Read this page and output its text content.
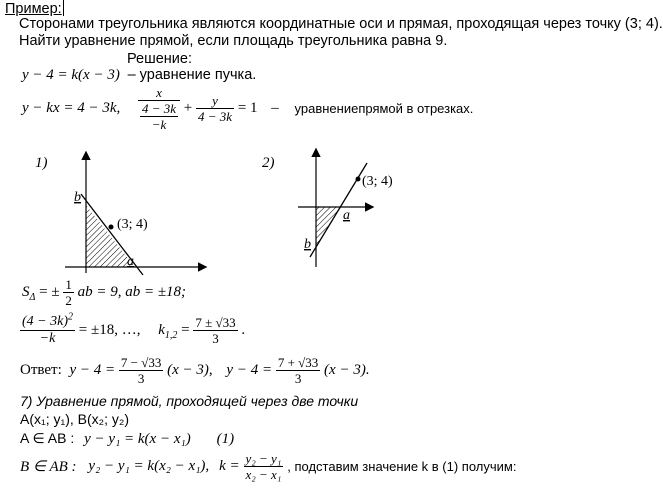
Пример:
Сторонами треугольника являются координатные оси и прямая, проходящая через точку (3; 4).
Найти уравнение прямой, если площадь треугольника равна 9.
Решение:
y − 4 = k(x − 3) – уравнение пучка.
y − kx = 4 − 3k, $\frac{x}{\frac{4 - 3k}{-k}} + \frac{y}{4 - 3k} = 1$ – уравнениепрямой в отрезках.
1)
(3; 4)
b
a
2)
(3; 4)
a
b
$S_\Delta$ = ± $\frac{1}{2}$ ab = 9, ab = ±18;
$\frac{(4 - 3k)^2}{-k} = \pm 18$, …, $k_{1,2} = \frac{7 \pm √33}{3}$ .
Ответ: $y - 4 = \frac{7 - √33}{3} (x - 3)$, $y - 4 = \frac{7 + √33}{3} (x - 3)$.
7) Уравнение прямой, проходящей через две точки
A(x₁; y₁), B(x₂; y₂)
A ∈ AB : y − y₁ = k(x − x₁) (1)
B ∈ AB : y₂ − y₁ = k(x₂ − x₁), $k = \frac{\text{y₂ − y₁}}{\text{x₂ − x₁}}$ , подставим значение k в (1) получим:
